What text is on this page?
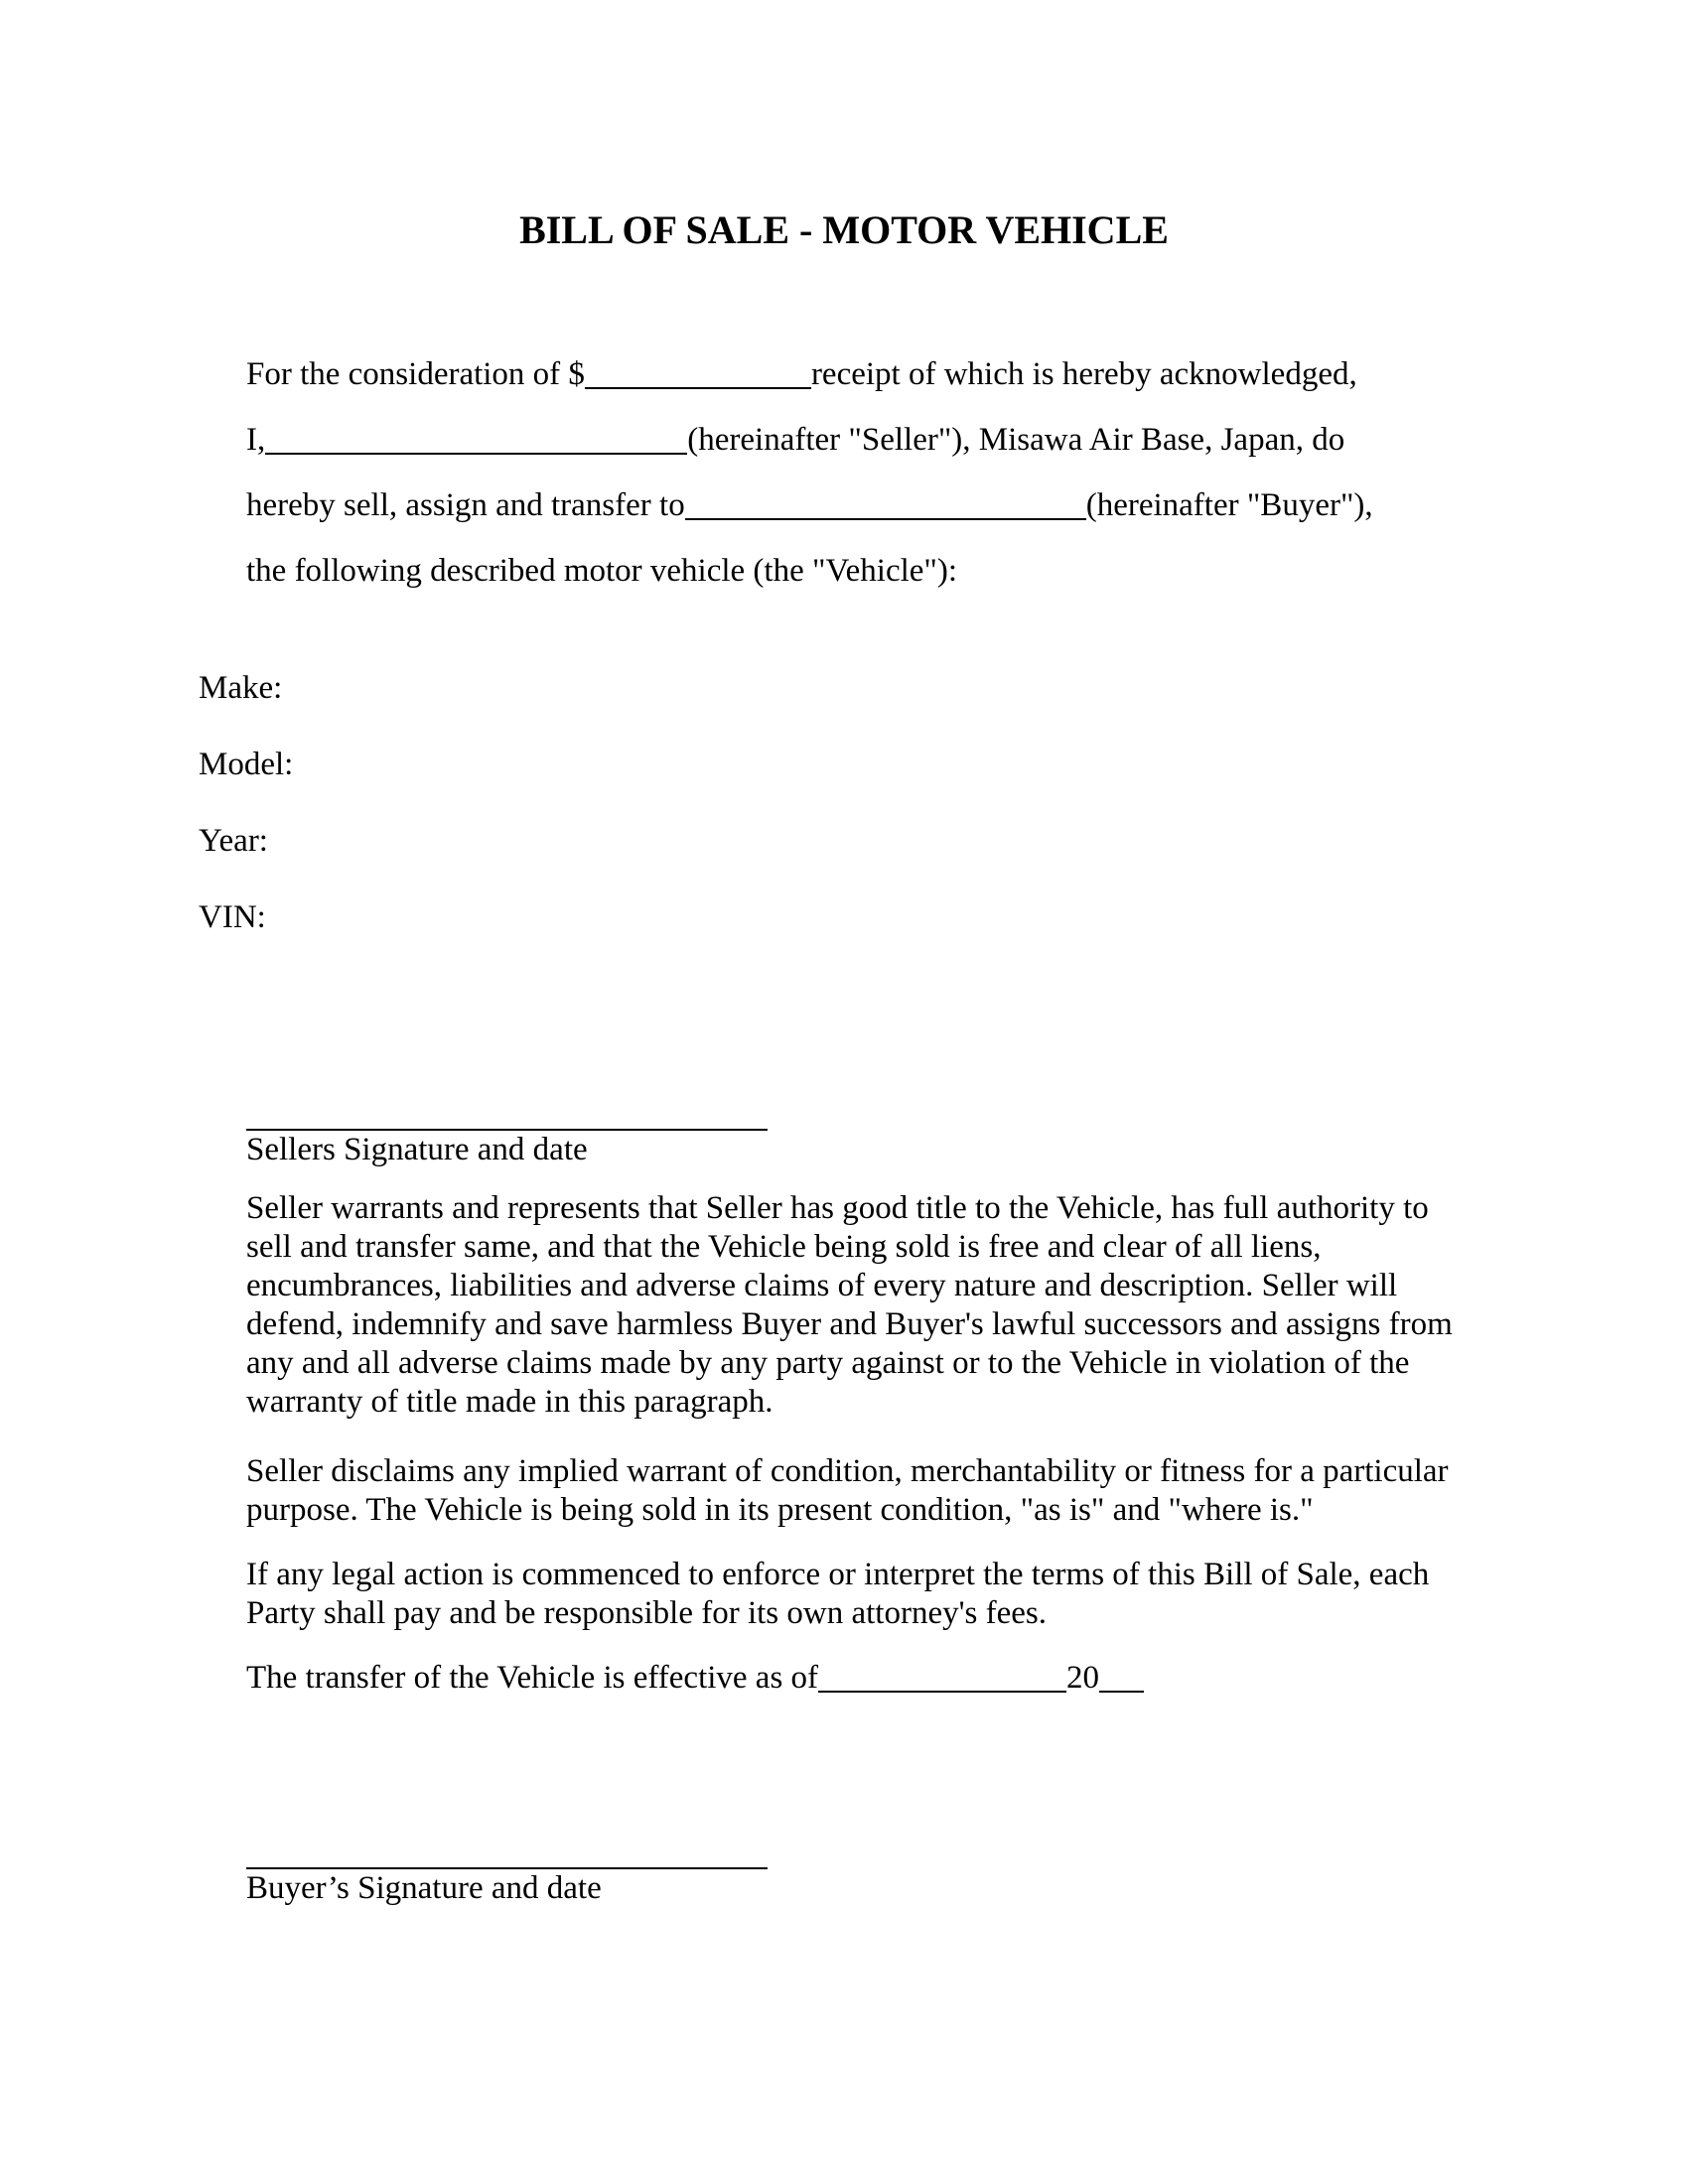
BILL OF SALE - MOTOR VEHICLE
For the consideration of $	receipt of which is hereby acknowledged,
I,	(hereinafter "Seller"), Misawa Air Base, Japan, do
hereby sell, assign and transfer to	(hereinafter "Buyer"),
the following described motor vehicle (the "Vehicle"):
Make:
Model:
Year:
VIN:
Sellers Signature and date
Seller warrants and represents that Seller has good title to the Vehicle, has full authority to
sell and transfer same, and that the Vehicle being sold is free and clear of all liens,
encumbrances, liabilities and adverse claims of every nature and description. Seller will
defend, indemnify and save harmless Buyer and Buyer's lawful successors and assigns from
any and all adverse claims made by any party against or to the Vehicle in violation of the
warranty of title made in this paragraph.
Seller disclaims any implied warrant of condition, merchantability or fitness for a particular
purpose. The Vehicle is being sold in its present condition, "as is" and "where is."
If any legal action is commenced to enforce or interpret the terms of this Bill of Sale, each
Party shall pay and be responsible for its own attorney's fees.
The transfer of the Vehicle is effective as of	20
Buyer’s Signature and date
